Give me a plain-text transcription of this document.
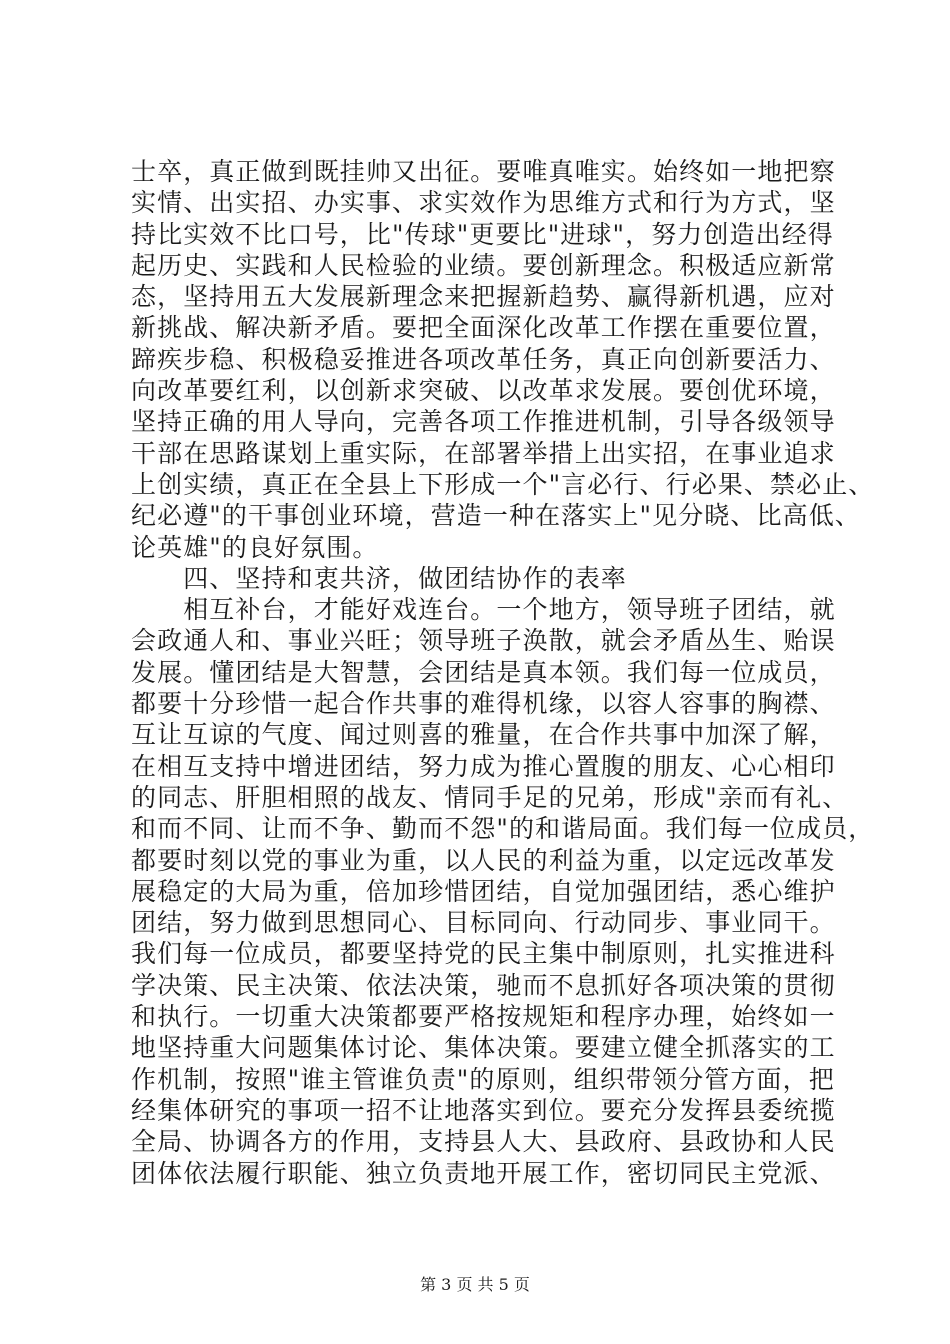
士卒，真正做到既挂帅又出征。要唯真唯实。始终如一地把察
实情、出实招、办实事、求实效作为思维方式和行为方式，坚
持比实效不比口号，比"传球"更要比"进球"，努力创造出经得
起历史、实践和人民检验的业绩。要创新理念。积极适应新常
态，坚持用五大发展新理念来把握新趋势、赢得新机遇，应对
新挑战、解决新矛盾。要把全面深化改革工作摆在重要位置，
蹄疾步稳、积极稳妥推进各项改革任务，真正向创新要活力、
向改革要红利，以创新求突破、以改革求发展。要创优环境，
坚持正确的用人导向，完善各项工作推进机制，引导各级领导
干部在思路谋划上重实际，在部署举措上出实招，在事业追求
上创实绩，真正在全县上下形成一个"言必行、行必果、禁必止、
纪必遵"的干事创业环境，营造一种在落实上"见分晓、比高低、
论英雄"的良好氛围。
　　四、坚持和衷共济，做团结协作的表率
　　相互补台，才能好戏连台。一个地方，领导班子团结，就
会政通人和、事业兴旺；领导班子涣散，就会矛盾丛生、贻误
发展。懂团结是大智慧，会团结是真本领。我们每一位成员，
都要十分珍惜一起合作共事的难得机缘，以容人容事的胸襟、
互让互谅的气度、闻过则喜的雅量，在合作共事中加深了解，
在相互支持中增进团结，努力成为推心置腹的朋友、心心相印
的同志、肝胆相照的战友、情同手足的兄弟，形成"亲而有礼、
和而不同、让而不争、勤而不怨"的和谐局面。我们每一位成员，
都要时刻以党的事业为重，以人民的利益为重，以定远改革发
展稳定的大局为重，倍加珍惜团结，自觉加强团结，悉心维护
团结，努力做到思想同心、目标同向、行动同步、事业同干。
我们每一位成员，都要坚持党的民主集中制原则，扎实推进科
学决策、民主决策、依法决策，驰而不息抓好各项决策的贯彻
和执行。一切重大决策都要严格按规矩和程序办理，始终如一
地坚持重大问题集体讨论、集体决策。要建立健全抓落实的工
作机制，按照"谁主管谁负责"的原则，组织带领分管方面，把
经集体研究的事项一招不让地落实到位。要充分发挥县委统揽
全局、协调各方的作用，支持县人大、县政府、县政协和人民
团体依法履行职能、独立负责地开展工作，密切同民主党派、
第 3 页 共 5 页
